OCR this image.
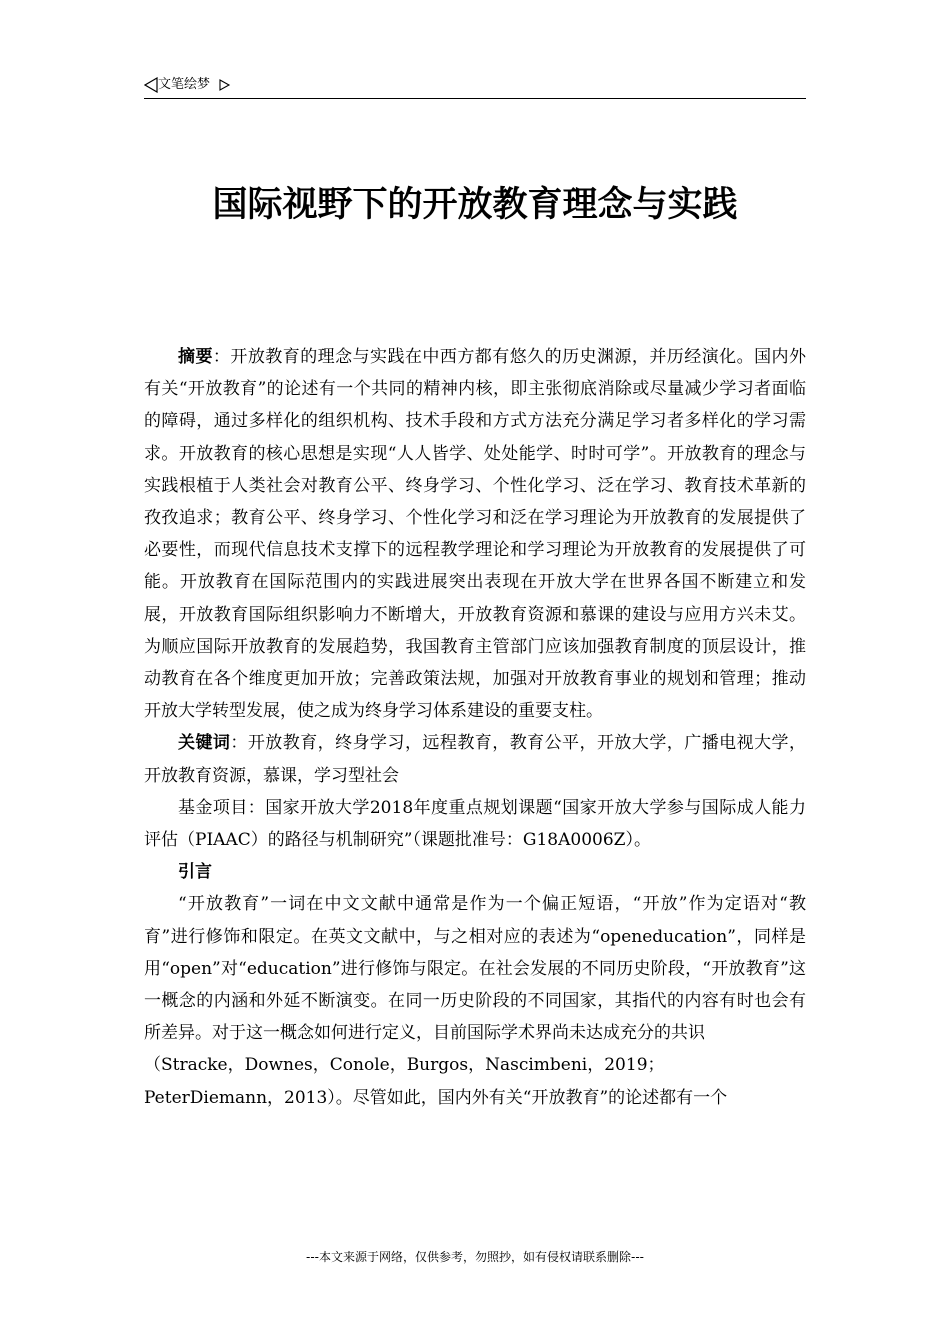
文笔绘梦
国际视野下的开放教育理念与实践

摘要：开放教育的理念与实践在中西方都有悠久的历史渊源，并历经演化。国内外有关“开放教育”的论述有一个共同的精神内核，即主张彻底消除或尽量减少学习者面临的障碍，通过多样化的组织机构、技术手段和方式方法充分满足学习者多样化的学习需求。开放教育的核心思想是实现“人人皆学、处处能学、时时可学”。开放教育的理念与实践根植于人类社会对教育公平、终身学习、个性化学习、泛在学习、教育技术革新的孜孜追求；教育公平、终身学习、个性化学习和泛在学习理论为开放教育的发展提供了必要性，而现代信息技术支撑下的远程教学理论和学习理论为开放教育的发展提供了可能。开放教育在国际范围内的实践进展突出表现在开放大学在世界各国不断建立和发展，开放教育国际组织影响力不断增大，开放教育资源和慕课的建设与应用方兴未艾。为顺应国际开放教育的发展趋势，我国教育主管部门应该加强教育制度的顶层设计，推动教育在各个维度更加开放；完善政策法规，加强对开放教育事业的规划和管理；推动开放大学转型发展，使之成为终身学习体系建设的重要支柱。

关键词：开放教育，终身学习，远程教育，教育公平，开放大学，广播电视大学，开放教育资源，慕课，学习型社会

基金项目：国家开放大学2018年度重点规划课题“国家开放大学参与国际成人能力评估（PIAAC）的路径与机制研究”（课题批准号：G18A0006Z）。

引言

“开放教育”一词在中文文献中通常是作为一个偏正短语，“开放”作为定语对“教育”进行修饰和限定。在英文文献中，与之相对应的表述为“openeducation”，同样是用“open”对“education”进行修饰与限定。在社会发展的不同历史阶段，“开放教育”这一概念的内涵和外延不断演变。在同一历史阶段的不同国家，其指代的内容有时也会有所差异。对于这一概念如何进行定义，目前国际学术界尚未达成充分的共识

（Stracke，Downes，Conole，Burgos，Nascimbeni，2019；

PeterDiemann，2013）。尽管如此，国内外有关“开放教育”的论述都有一个

---本文来源于网络，仅供参考，勿照抄，如有侵权请联系删除---
